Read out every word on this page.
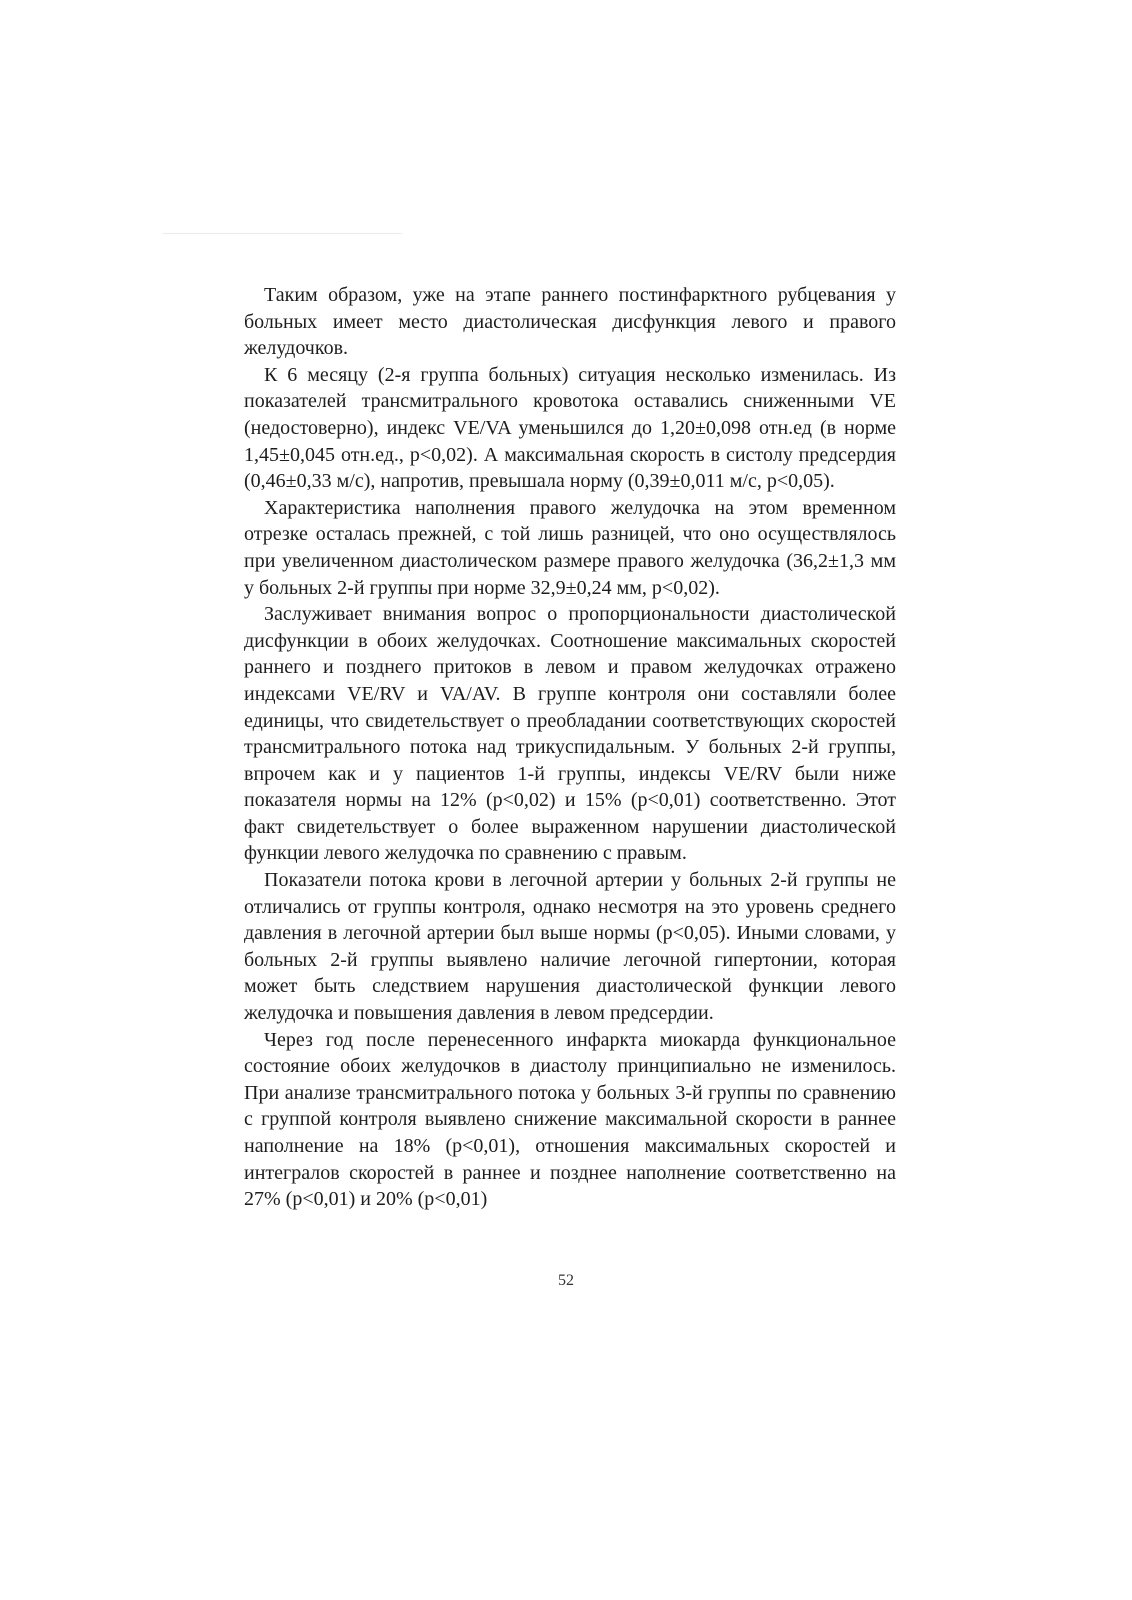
Таким образом, уже на этапе раннего постинфарктного рубцевания у больных имеет место диастолическая дисфункция левого и правого желудочков.

К 6 месяцу (2-я группа больных) ситуация несколько изменилась. Из показателей трансмитрального кровотока оставались сниженными VE (недостоверно), индекс VE/VA уменьшился до 1,20±0,098 отн.ед (в норме 1,45±0,045 отн.ед., p<0,02). А максимальная скорость в систолу предсердия (0,46±0,33 м/с), напротив, превышала норму (0,39±0,011 м/с, p<0,05).

Характеристика наполнения правого желудочка на этом временном отрезке осталась прежней, с той лишь разницей, что оно осуществлялось при увеличенном диастолическом размере правого желудочка (36,2±1,3 мм у больных 2-й группы при норме 32,9±0,24 мм, p<0,02).

Заслуживает внимания вопрос о пропорциональности диастолической дисфункции в обоих желудочках. Соотношение максимальных скоростей раннего и позднего притоков в левом и правом желудочках отражено индексами VE/RV и VA/AV. В группе контроля они составляли более единицы, что свидетельствует о преобладании соответствующих скоростей трансмитрального потока над трикуспидальным. У больных 2-й группы, впрочем как и у пациентов 1-й группы, индексы VE/RV были ниже показателя нормы на 12% (p<0,02) и 15% (p<0,01) соответственно. Этот факт свидетельствует о более выраженном нарушении диастолической функции левого желудочка по сравнению с правым.

Показатели потока крови в легочной артерии у больных 2-й группы не отличались от группы контроля, однако несмотря на это уровень среднего давления в легочной артерии был выше нормы (p<0,05). Иными словами, у больных 2-й группы выявлено наличие легочной гипертонии, которая может быть следствием нарушения диастолической функции левого желудочка и повышения давления в левом предсердии.

Через год после перенесенного инфаркта миокарда функциональное состояние обоих желудочков в диастолу принципиально не изменилось. При анализе трансмитрального потока у больных 3-й группы по сравнению с группой контроля выявлено снижение максимальной скорости в раннее наполнение на 18% (p<0,01), отношения максимальных скоростей и интегралов скоростей в раннее и позднее наполнение соответственно на 27% (p<0,01) и 20% (p<0,01)

52
